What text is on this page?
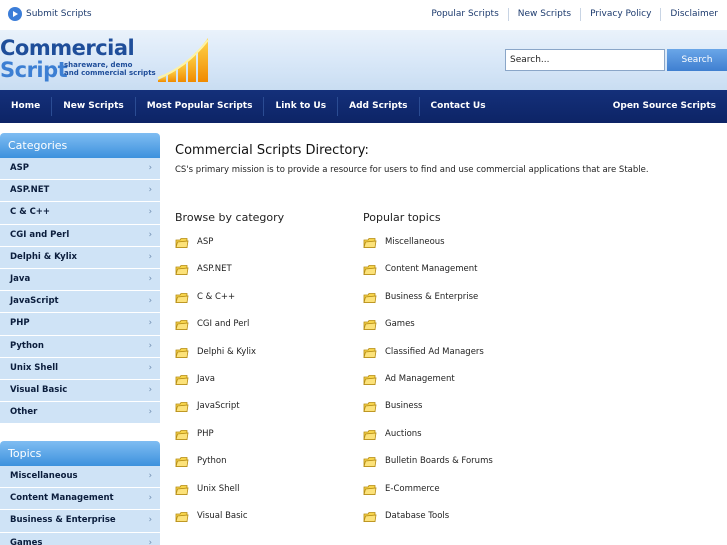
Submit Scripts	Popular Scripts	New Scripts	Privacy Policy	Disclaimer
Commercial
Script
shareware, demo
and commercial scripts
Search...
Search
Home	New Scripts	Most Popular Scripts	Link to Us	Add Scripts	Contact Us	Open Source Scripts
Categories
ASP ›
ASP.NET ›
C & C++ ›
CGI and Perl ›
Delphi & Kylix ›
Java ›
JavaScript ›
PHP ›
Python ›
Unix Shell ›
Visual Basic ›
Other ›
Topics
Miscellaneous ›
Content Management ›
Business & Enterprise ›
Games ›
Commercial Scripts Directory:

CS's primary mission is to provide a resource for users to find and use commercial applications that are Stable.

Browse by category
ASP
ASP.NET
C & C++
CGI and Perl
Delphi & Kylix
Java
JavaScript
PHP
Python
Unix Shell
Visual Basic
Popular topics
Miscellaneous
Content Management
Business & Enterprise
Games
Classified Ad Managers
Ad Management
Business
Auctions
Bulletin Boards & Forums
E-Commerce
Database Tools
